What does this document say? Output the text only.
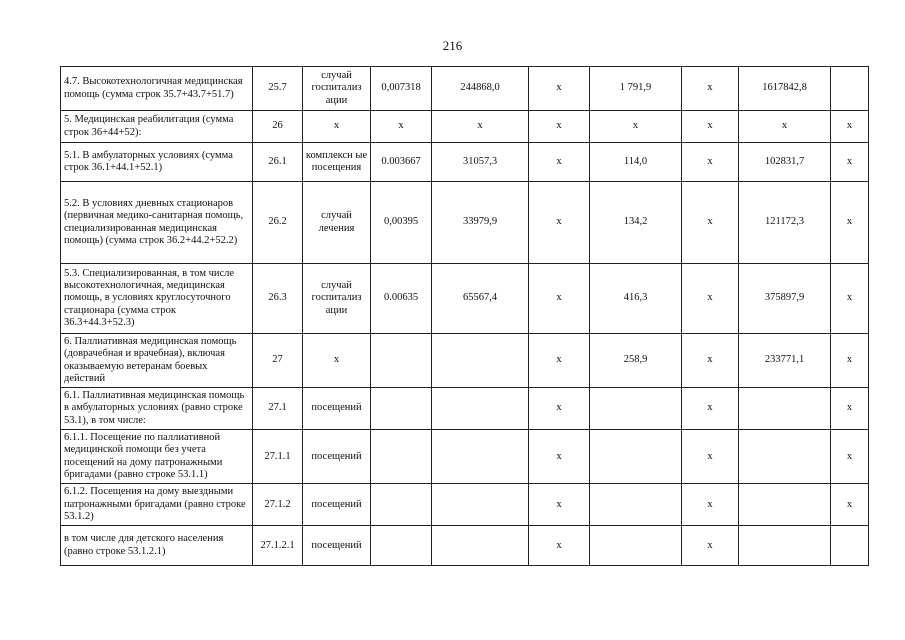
216
4.7. Высокотехнологичная медицинская помощь (сумма строк 35.7+43.7+51.7)	25.7	случай госпитализ ации	0,007318	244868,0	x	1 791,9	x	1617842,8	
5. Медицинская реабилитация (сумма строк 36+44+52):	26	x	x	x	x	x	x	x	x
5.1. В амбулаторных условиях (сумма строк 36.1+44.1+52.1)	26.1	комплексн ые посещения	0.003667	31057,3	x	114,0	x	102831,7	x
5.2. В условиях дневных стационаров (первичная медико-санитарная помощь, специализированная медицинская помощь) (сумма строк 36.2+44.2+52.2)	26.2	случай лечения	0,00395	33979,9	x	134,2	x	121172,3	x
5.3. Специализированная, в том числе высокотехнологичная, медицинская помощь, в условиях круглосуточного стационара (сумма строк 36.3+44.3+52.3)	26.3	случай госпитализ ации	0.00635	65567,4	x	416,3	x	375897,9	x
6. Паллиативная медицинская помощь (доврачебная и врачебная), включая оказываемую ветеранам боевых действий	27	x			x	258,9	x	233771,1	x
6.1. Паллиативная медицинская помощь в амбулаторных условиях (равно строке 53.1), в том числе:	27.1	посещений			x		x		x
6.1.1. Посещение по паллиативной медицинской помощи без учета посещений на дому патронажными бригадами (равно строке 53.1.1)	27.1.1	посещений			x		x		x
6.1.2. Посещения на дому выездными патронажными бригадами (равно строке 53.1.2)	27.1.2	посещений			x		x		x
в том числе для детского населения (равно строке 53.1.2.1)	27.1.2.1	посещений			x		x		
